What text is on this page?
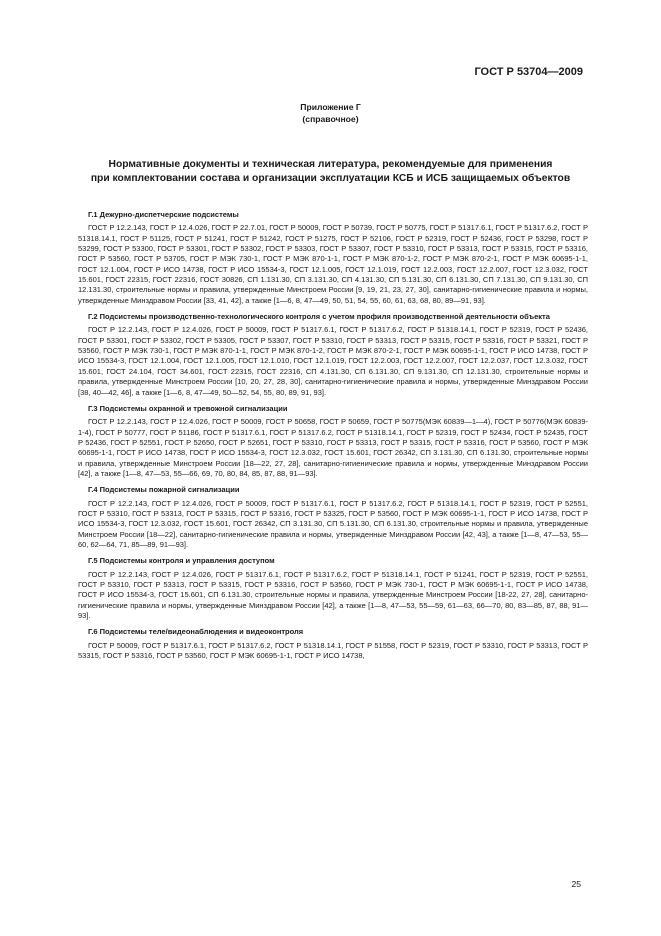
ГОСТ Р 53704—2009
Приложение Г
(справочное)
Нормативные документы и техническая литература, рекомендуемые для применения
при комплектовании состава и организации эксплуатации КСБ и ИСБ защищаемых объектов
Г.1 Дежурно-диспетчерские подсистемы
ГОСТ Р 12.2.143, ГОСТ Р 12.4.026, ГОСТ Р 22.7.01, ГОСТ Р 50009, ГОСТ Р 50739, ГОСТ Р 50775, ГОСТ Р 51317.6.1, ГОСТ Р 51317.6.2, ГОСТ Р 51318.14.1, ГОСТ Р 51125, ГОСТ Р 51241, ГОСТ Р 51242, ГОСТ Р 51275, ГОСТ Р 52106, ГОСТ Р 52319, ГОСТ Р 52436, ГОСТ Р 53298, ГОСТ Р 53299, ГОСТ Р 53300, ГОСТ Р 53301, ГОСТ Р 53302, ГОСТ Р 53303, ГОСТ Р 53307, ГОСТ Р 53310, ГОСТ Р 53313, ГОСТ Р 53315, ГОСТ Р 53316, ГОСТ Р 53560, ГОСТ Р 53705, ГОСТ Р МЭК 730-1, ГОСТ Р МЭК 870-1-1, ГОСТ Р МЭК 870-1-2, ГОСТ Р МЭК 870-2-1, ГОСТ Р МЭК 60695-1-1, ГОСТ 12.1.004, ГОСТ Р ИСО 14738, ГОСТ Р ИСО 15534-3, ГОСТ 12.1.005, ГОСТ 12.1.019, ГОСТ 12.2.003, ГОСТ 12.2.007, ГОСТ 12.3.032, ГОСТ 15.601, ГОСТ 22315, ГОСТ 22316, ГОСТ 30826, СП 1.131.30, СП 3.131.30, СП 4.131.30, СП 5.131.30, СП 6.131.30, СП 7.131.30, СП 9.131.30, СП 12.131.30, строительные нормы и правила, утвержденные Минстроем России [9, 19, 21, 23, 27, 30], санитарно-гигиенические правила и нормы, утвержденные Минздравом России [33, 41, 42], а также [1—6, 8, 47—49, 50, 51, 54, 55, 60, 61, 63, 68, 80, 89—91, 93].
Г.2 Подсистемы производственно-технологического контроля с учетом профиля производственной деятельности объекта
ГОСТ Р 12.2.143, ГОСТ Р 12.4.026, ГОСТ Р 50009, ГОСТ Р 51317.6.1, ГОСТ Р 51317.6.2, ГОСТ Р 51318.14.1, ГОСТ Р 52319, ГОСТ Р 52436, ГОСТ Р 53301, ГОСТ Р 53302, ГОСТ Р 53305, ГОСТ Р 53307, ГОСТ Р 53310, ГОСТ Р 53313, ГОСТ Р 53315, ГОСТ Р 53316, ГОСТ Р 53321, ГОСТ Р 53560, ГОСТ Р МЭК 730-1, ГОСТ Р МЭК 870-1-1, ГОСТ Р МЭК 870-1-2, ГОСТ Р МЭК 870-2-1, ГОСТ Р МЭК 60695-1-1, ГОСТ Р ИСО 14738, ГОСТ Р ИСО 15534-3, ГОСТ 12.1.004, ГОСТ 12.1.005, ГОСТ 12.1.010, ГОСТ 12.1.019, ГОСТ 12.2.003, ГОСТ 12.2.007, ГОСТ 12.2.037, ГОСТ 12.3.032, ГОСТ 15.601, ГОСТ 24.104, ГОСТ 34.601, ГОСТ 22315, ГОСТ 22316, СП 4.131.30, СП 6.131.30, СП 9.131.30, СП 12.131.30, строительные нормы и правила, утвержденные Минстроем России [10, 20, 27, 28, 30], санитарно-гигиенические правила и нормы, утвержденные Минздравом России [38, 40—42, 46], а также [1—6, 8, 47—49, 50—52, 54, 55, 80, 89, 91, 93].
Г.3 Подсистемы охранной и тревожной сигнализации
ГОСТ Р 12.2.143, ГОСТ Р 12.4.026, ГОСТ Р 50009, ГОСТ Р 50658, ГОСТ Р 50659, ГОСТ Р 50775(МЭК 60839—1—4), ГОСТ Р 50776(МЭК 60839-1-4), ГОСТ Р 50777, ГОСТ Р 51186, ГОСТ Р 51317.6.1, ГОСТ Р 51317.6.2, ГОСТ Р 51318.14.1, ГОСТ Р 52319, ГОСТ Р 52434, ГОСТ Р 52435, ГОСТ Р 52436, ГОСТ Р 52551, ГОСТ Р 52650, ГОСТ Р 52651, ГОСТ Р 53310, ГОСТ Р 53313, ГОСТ Р 53315, ГОСТ Р 53316, ГОСТ Р 53560, ГОСТ Р МЭК 60695-1-1, ГОСТ Р ИСО 14738, ГОСТ Р ИСО 15534-3, ГОСТ 12.3.032, ГОСТ 15.601, ГОСТ 26342, СП 3.131.30, СП 6.131.30, строительные нормы и правила, утвержденные Минстроем России [18—22, 27, 28], санитарно-гигиенические правила и нормы, утвержденные Минздравом России [42], а также [1—8, 47—53, 55—66, 69, 70, 80, 84, 85, 87, 88, 91—93].
Г.4 Подсистемы пожарной сигнализации
ГОСТ Р 12.2.143, ГОСТ Р 12.4.026, ГОСТ Р 50009, ГОСТ Р 51317.6.1, ГОСТ Р 51317.6.2, ГОСТ Р 51318.14.1, ГОСТ Р 52319, ГОСТ Р 52551, ГОСТ Р 53310, ГОСТ Р 53313, ГОСТ Р 53315, ГОСТ Р 53316, ГОСТ Р 53325, ГОСТ Р 53560, ГОСТ Р МЭК 60695-1-1, ГОСТ Р ИСО 14738, ГОСТ Р ИСО 15534-3, ГОСТ 12.3.032, ГОСТ 15.601, ГОСТ 26342, СП 3.131.30, СП 5.131.30, СП 6.131.30, строительные нормы и правила, утвержденные Минстроем России [18—22], санитарно-гигиенические правила и нормы, утвержденные Минздравом России [42, 43], а также [1—8, 47—53, 55—60, 62—64, 71, 85—89, 91—93].
Г.5 Подсистемы контроля и управления доступом
ГОСТ Р 12.2.143, ГОСТ Р 12.4.026, ГОСТ Р 51317.6.1, ГОСТ Р 51317.6.2, ГОСТ Р 51318.14.1, ГОСТ Р 51241, ГОСТ Р 52319, ГОСТ Р 52551, ГОСТ Р 53310, ГОСТ Р 53313, ГОСТ Р 53315, ГОСТ Р 53316, ГОСТ Р 53560, ГОСТ Р МЭК 730-1, ГОСТ Р МЭК 60695-1-1, ГОСТ Р ИСО 14738, ГОСТ Р ИСО 15534-3, ГОСТ 15.601, СП 6.131.30, строительные нормы и правила, утвержденные Минстроем России [18-22, 27, 28], санитарно-гигиенические правила и нормы, утвержденные Минздравом России [42], а также [1—8, 47—53, 55—59, 61—63, 66—70, 80, 83—85, 87, 88, 91—93].
Г.6 Подсистемы теле/видеонаблюдения и видеоконтроля
ГОСТ Р 50009, ГОСТ Р 51317.6.1, ГОСТ Р 51317.6.2, ГОСТ Р 51318.14.1, ГОСТ Р 51558, ГОСТ Р 52319, ГОСТ Р 53310, ГОСТ Р 53313, ГОСТ Р 53315, ГОСТ Р 53316, ГОСТ Р 53560, ГОСТ Р МЭК 60695-1-1, ГОСТ Р ИСО 14738,
25
